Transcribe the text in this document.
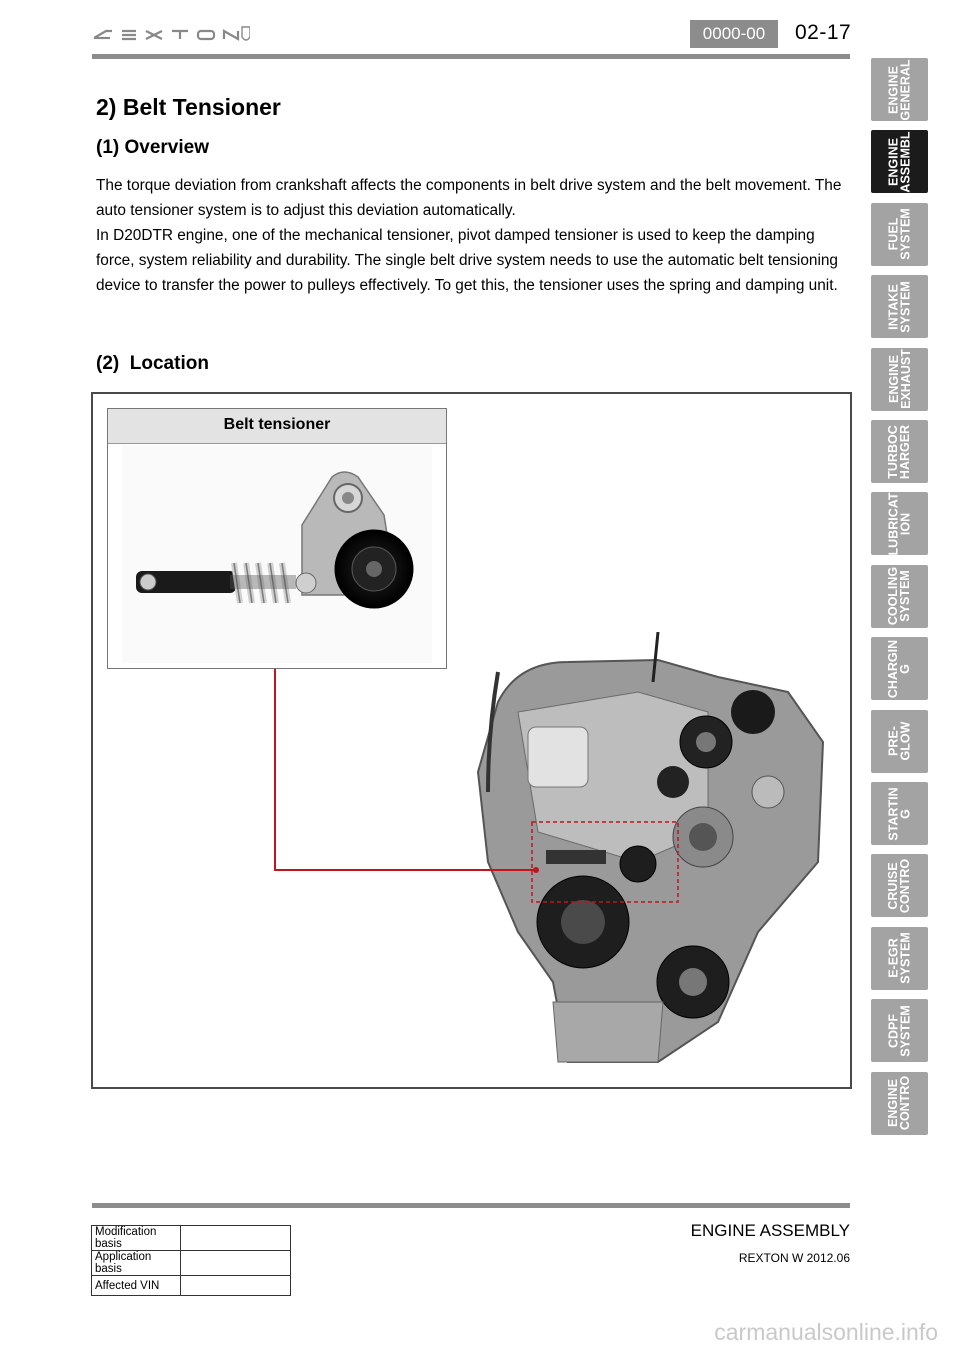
0000-00	02-17
2) Belt Tensioner
(1) Overview

The torque deviation from crankshaft affects the components in belt drive system and the belt movement. The auto tensioner system is to adjust this deviation automatically.

In D20DTR engine, one of the mechanical tensioner, pivot damped tensioner is used to keep the damping force, system reliability and durability. The single belt drive system needs to use the automatic belt tensioning device to transfer the power to pulleys effectively. To get this, the tensioner uses the spring and damping unit.

(2)  Location
Belt tensioner
ENGINE
GENERAL
ENGINE
ASSEMBL
FUEL
SYSTEM
INTAKE
SYSTEM
ENGINE
EXHAUST
TURBOC
HARGER
LUBRICAT
ION
COOLING
SYSTEM
CHARGIN
G
PRE-
GLOW
STARTIN
G
CRUISE
CONTRO
E-EGR
SYSTEM
CDPF
SYSTEM
ENGINE
CONTRO
Modification basis	
Application basis	
Affected VIN	
ENGINE ASSEMBLY
REXTON W 2012.06
carmanualsonline.info
